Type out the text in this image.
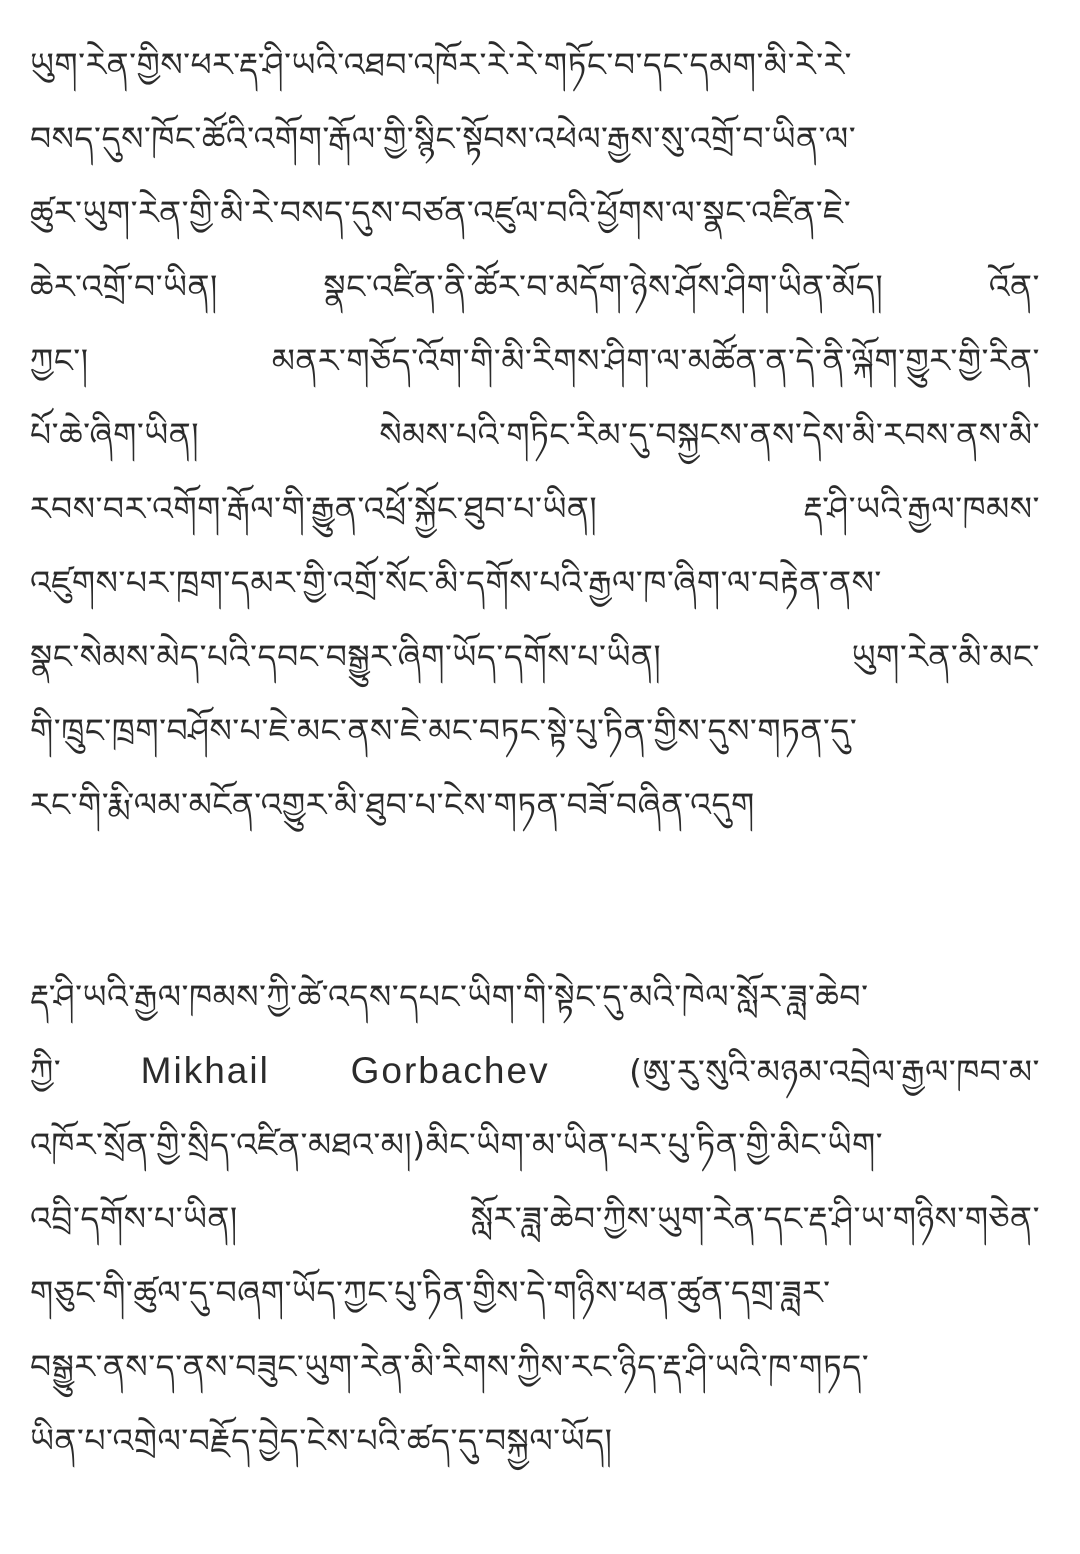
ཡུག་རེན་གྱིས་ཕར་རྡ་ཤི་ཡའི་འཐབ་འཁོར་རེ་རེ་གཏོང་བ་དང་དམག་མི་རེ་རེ་
བསད་དུས་ཁོང་ཚོའི་འགོག་རྒོལ་གྱི་སྙིང་སྟོབས་འཕེལ་རྒྱས་སུ་འགྲོ་བ་ཡིན་ལ་
ཚུར་ཡུག་རེན་གྱི་མི་རེ་བསད་དུས་བཙན་འཛུལ་བའི་ཕྱོགས་ལ་སྣང་འཛིན་ཇེ་
ཆེར་འགྲོ་བ་ཡིན། སྣང་འཛིན་ནི་ཚོར་བ་མདོག་ཉེས་ཤོས་ཤིག་ཡིན་མོད། འོན་
ཀྱང་། མནར་གཅོད་འོག་གི་མི་རིགས་ཤིག་ལ་མཚོན་ན་དེ་ནི་ལྐོག་གྱུར་གྱི་རིན་
པོ་ཆེ་ཞིག་ཡིན། སེམས་པའི་གཏིང་རིམ་དུ་བསྐྱངས་ནས་དེས་མི་རབས་ནས་མི་
རབས་བར་འགོག་རྒོལ་གི་རྒྱུན་འཕྲོ་སྐྱོང་ཐུབ་པ་ཡིན། རྡ་ཤི་ཡའི་རྒྱལ་ཁམས་
འཛུགས་པར་ཁྲག་དམར་གྱི་འགྲོ་སོང་མི་དགོས་པའི་རྒྱལ་ཁ་ཞིག་ལ་བརྟེན་ནས་
སྣང་སེམས་མེད་པའི་དབང་བསྒྱུར་ཞིག་ཡོད་དགོས་པ་ཡིན། ཡུག་རེན་མི་མང་
གི་ཁྲུང་ཁྲག་བཤོས་པ་ཇེ་མང་ནས་ཇེ་མང་བཏང་སྟེ་པུ་ཏིན་གྱིས་དུས་གཏན་དུ་
རང་གི་རྨི་ལམ་མངོན་འགྱུར་མི་ཐུབ་པ་ངེས་གཏན་བཟོ་བཞིན་འདུག
རྡ་ཤི་ཡའི་རྒྱལ་ཁམས་ཀྱི་ཚེ་འདས་དཔང་ཡིག་གི་སྟེང་དུ་མའི་ཁེལ་སློར་ཟླ་ཆེབ་
ཀྱི་ Mikhail Gorbachev (ཨུ་རུ་སུའི་མཉམ་འབྲེལ་རྒྱལ་ཁབ་མ་
འཁོར་སྲོན་གྱི་སྲིད་འཛིན་མཐའ་མ།)མིང་ཡིག་མ་ཡིན་པར་པུ་ཏིན་གྱི་མིང་ཡིག་
འབྲི་དགོས་པ་ཡིན། སློར་ཟླ་ཆེབ་ཀྱིས་ཡུག་རེན་དང་རྡ་ཤི་ཡ་གཉིས་གཅེན་
གཅུང་གི་ཚུལ་དུ་བཞག་ཡོད་ཀྱང་པུ་ཏིན་གྱིས་དེ་གཉིས་ཕན་ཚུན་དགྲ་ཟླར་
བསྒྱུར་ནས་ད་ནས་བཟུང་ཡུག་རེན་མི་རིགས་ཀྱིས་རང་ཉིད་རྡ་ཤི་ཡའི་ཁ་གཏད་
ཡིན་པ་འགྲེལ་བརྗོད་བྱེད་ངེས་པའི་ཚད་དུ་བསྐྱལ་ཡོད།
